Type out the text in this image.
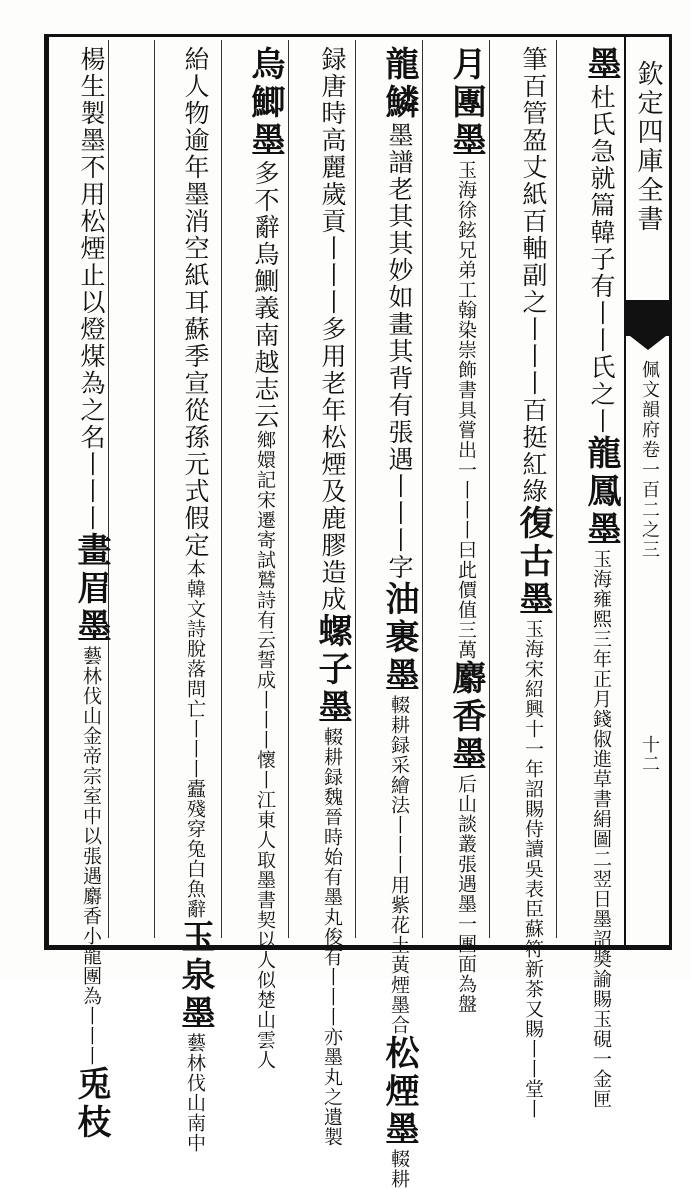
欽定四庫全書
佩文韻府卷一百二之三
十二
墨杜氏急就篇韓子有丨丨氏之丨龍鳳墨玉海雍熙三年正月錢俶進草書絹圖二翌日墨詔奬諭賜玉硯一金匣
筆百管盈丈紙百軸副之丨丨丨百挺紅綠復古墨玉海宋紹興十一年詔賜侍讀吳表臣蘇符新茶又賜丨丨堂丨
月團墨玉海徐鉉兄弟工翰染崇飾書具嘗出一丨丨丨曰此價值三萬麝香墨后山談叢張遇墨一團面為盤
龍鱗墨譜老其其妙如畫其背有張遇丨丨丨字油裹墨輟耕録采繪法丨丨丨用紫花土黃煙墨合松煙墨輟耕
録唐時高麗歲貢丨丨丨多用老年松煙及鹿膠造成螺子墨輟耕録魏晉時始有墨丸俊有丨丨丨亦墨丸之遺製
烏鯽墨多不辭烏鰂義南越志云鄉嬛記宋遷寄試鷲詩有云誓成丨丨丨懷丨江東人取墨書契以人似楚山雲人
紿人物逾年墨消空紙耳蘇季宣從孫元式假定本韓文詩脫落問亡丨丨丨蠹殘穿兔白魚辭玉泉墨藝林伐山南中
楊生製墨不用松煙止以燈煤為之名丨丨丨畫眉墨藝林伐山金帝宗室中以張遇麝香小龍團為丨丨丨兎枝
